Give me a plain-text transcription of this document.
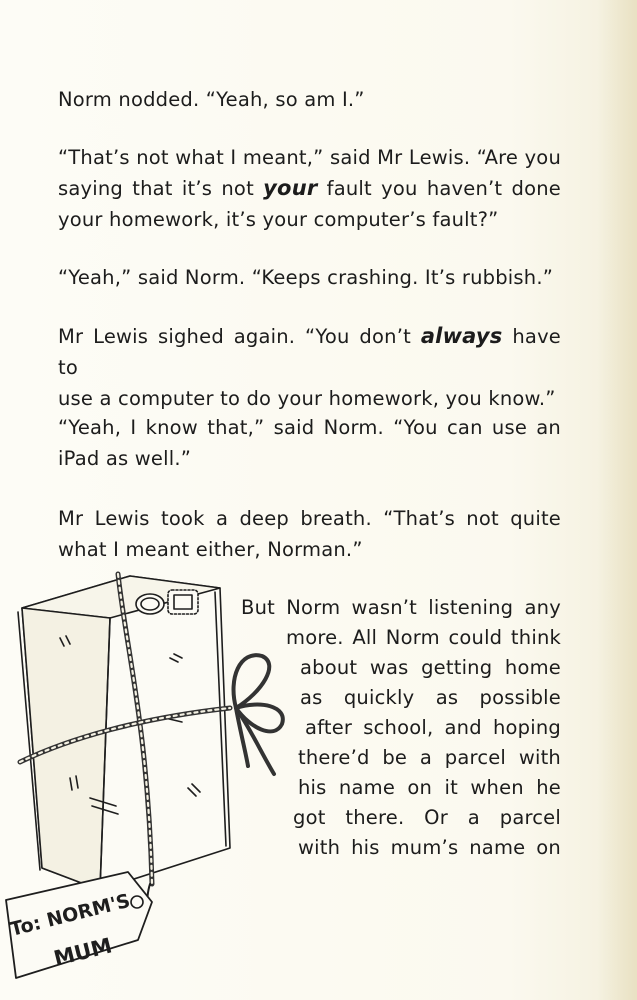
Norm nodded. “Yeah, so am I.”

“That’s not what I meant,” said Mr Lewis. “Are you
saying that it’s not your fault you haven’t done
your homework, it’s your computer’s fault?”

“Yeah,” said Norm. “Keeps crashing. It’s rubbish.”

Mr Lewis sighed again. “You don’t always have to
use a computer to do your homework, you know.”

“Yeah, I know that,” said Norm. “You can use an
iPad as well.”

Mr Lewis took a deep breath. “That’s not quite
what I meant either, Norman.”

But Norm wasn’t listening any
more. All Norm could think
about was getting home
as quickly as possible
after school, and hoping
there’d be a parcel with
his name on it when he
got there. Or a parcel
with his mum’s name on
To: NORM'S
MUM
